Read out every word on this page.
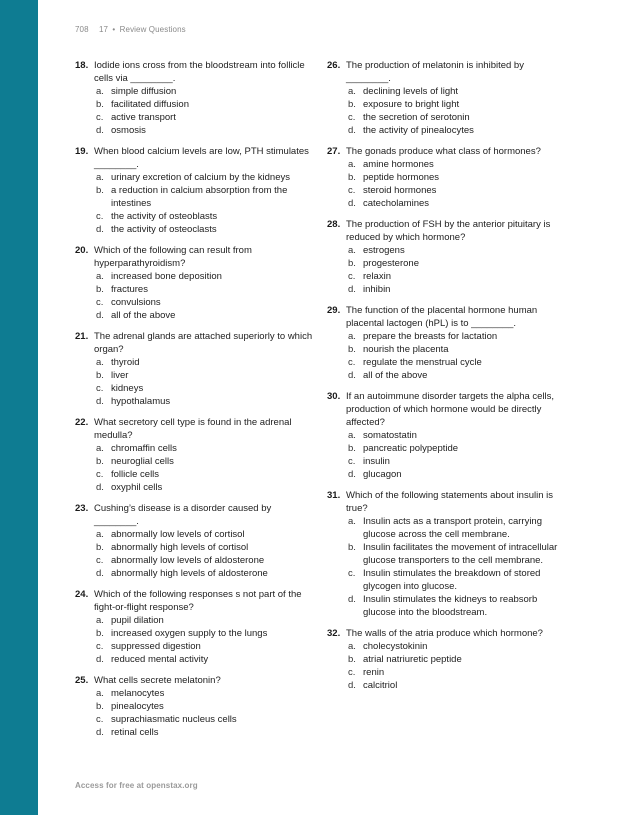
708 17 • Review Questions
18. Iodide ions cross from the bloodstream into follicle cells via ________.
a. simple diffusion
b. facilitated diffusion
c. active transport
d. osmosis
19. When blood calcium levels are low, PTH stimulates ________.
a. urinary excretion of calcium by the kidneys
b. a reduction in calcium absorption from the intestines
c. the activity of osteoblasts
d. the activity of osteoclasts
20. Which of the following can result from hyperparathyroidism?
a. increased bone deposition
b. fractures
c. convulsions
d. all of the above
21. The adrenal glands are attached superiorly to which organ?
a. thyroid
b. liver
c. kidneys
d. hypothalamus
22. What secretory cell type is found in the adrenal medulla?
a. chromaffin cells
b. neuroglial cells
c. follicle cells
d. oxyphil cells
23. Cushing’s disease is a disorder caused by ________.
a. abnormally low levels of cortisol
b. abnormally high levels of cortisol
c. abnormally low levels of aldosterone
d. abnormally high levels of aldosterone
24. Which of the following responses s not part of the fight-or-flight response?
a. pupil dilation
b. increased oxygen supply to the lungs
c. suppressed digestion
d. reduced mental activity
25. What cells secrete melatonin?
a. melanocytes
b. pinealocytes
c. suprachiasmatic nucleus cells
d. retinal cells
26. The production of melatonin is inhibited by ________.
a. declining levels of light
b. exposure to bright light
c. the secretion of serotonin
d. the activity of pinealocytes
27. The gonads produce what class of hormones?
a. amine hormones
b. peptide hormones
c. steroid hormones
d. catecholamines
28. The production of FSH by the anterior pituitary is reduced by which hormone?
a. estrogens
b. progesterone
c. relaxin
d. inhibin
29. The function of the placental hormone human placental lactogen (hPL) is to ________.
a. prepare the breasts for lactation
b. nourish the placenta
c. regulate the menstrual cycle
d. all of the above
30. If an autoimmune disorder targets the alpha cells, production of which hormone would be directly affected?
a. somatostatin
b. pancreatic polypeptide
c. insulin
d. glucagon
31. Which of the following statements about insulin is true?
a. Insulin acts as a transport protein, carrying glucose across the cell membrane.
b. Insulin facilitates the movement of intracellular glucose transporters to the cell membrane.
c. Insulin stimulates the breakdown of stored glycogen into glucose.
d. Insulin stimulates the kidneys to reabsorb glucose into the bloodstream.
32. The walls of the atria produce which hormone?
a. cholecystokinin
b. atrial natriuretic peptide
c. renin
d. calcitriol
Access for free at openstax.org
